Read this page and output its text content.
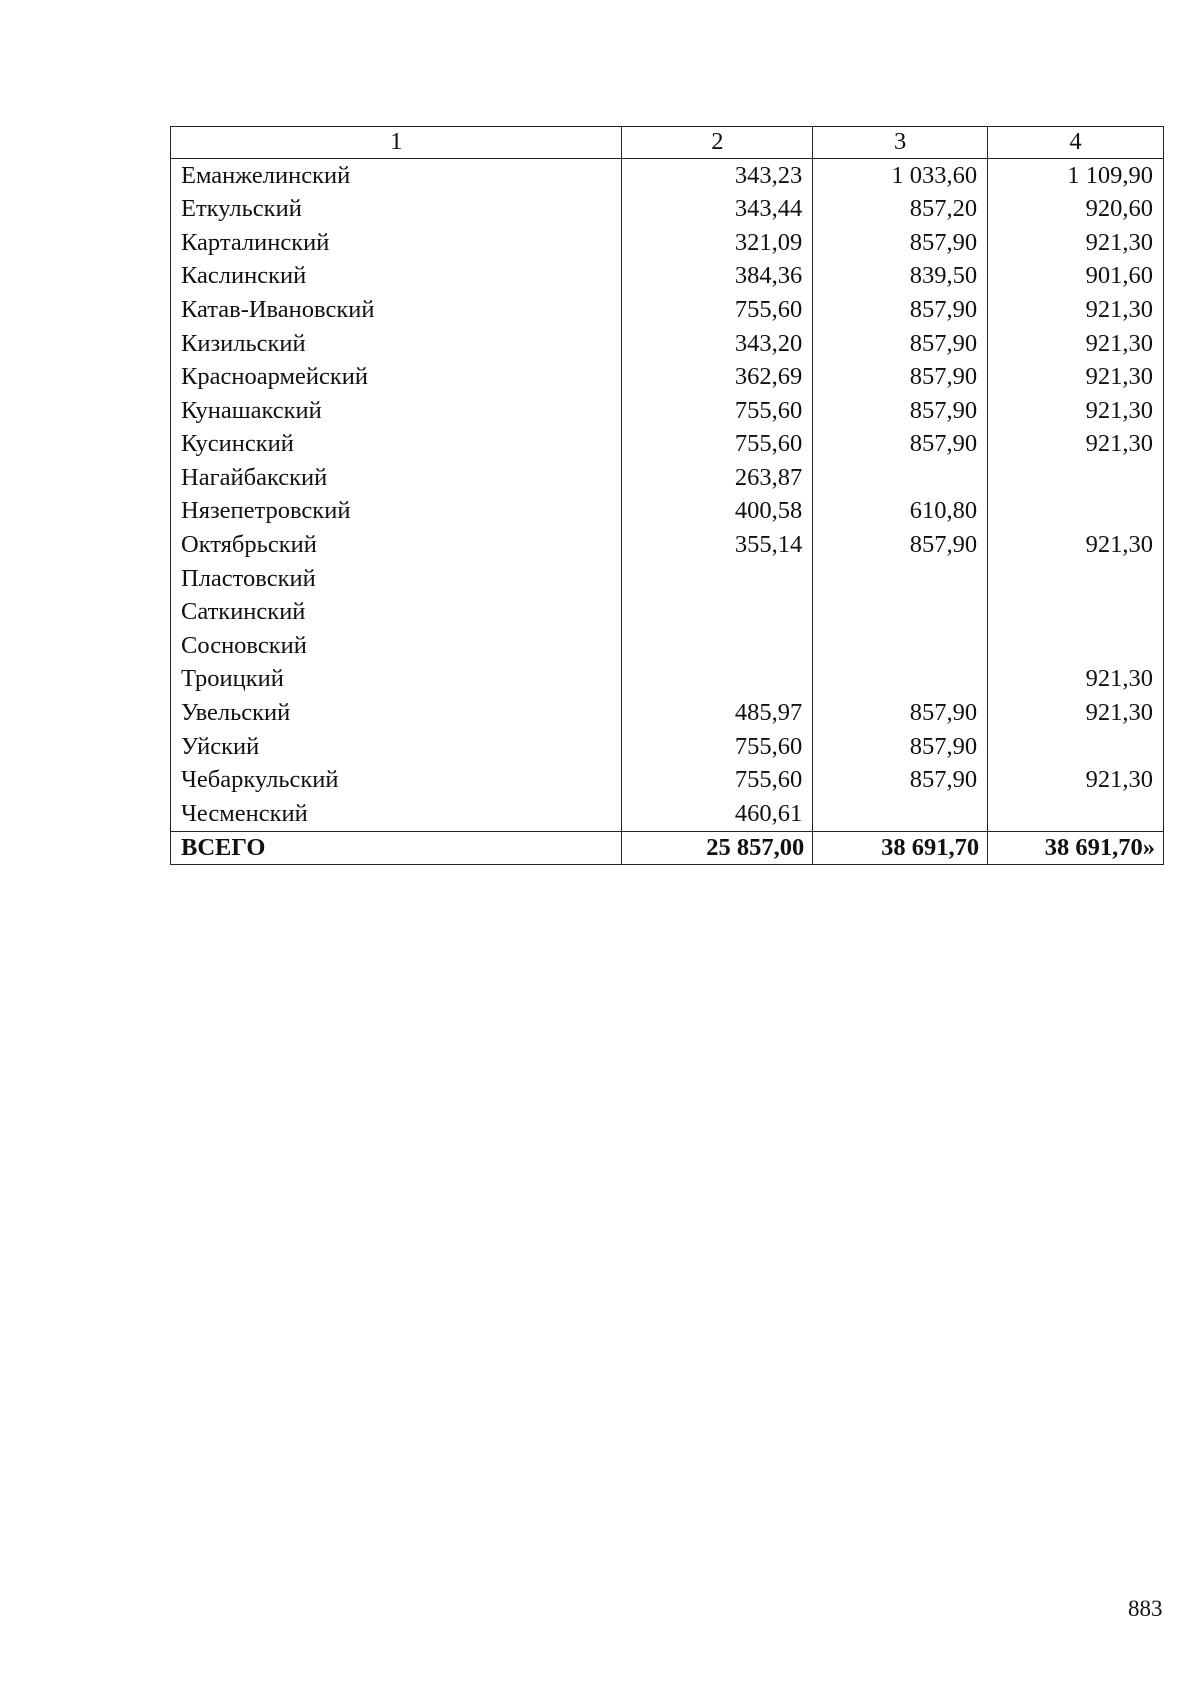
1	2	3	4
Еманжелинский	343,23	1 033,60	1 109,90
Еткульский	343,44	857,20	920,60
Карталинский	321,09	857,90	921,30
Каслинский	384,36	839,50	901,60
Катав-Ивановский	755,60	857,90	921,30
Кизильский	343,20	857,90	921,30
Красноармейский	362,69	857,90	921,30
Кунашакский	755,60	857,90	921,30
Кусинский	755,60	857,90	921,30
Нагайбакский	263,87		
Нязепетровский	400,58	610,80	
Октябрьский	355,14	857,90	921,30
Пластовский			
Саткинский			
Сосновский			
Троицкий			921,30
Увельский	485,97	857,90	921,30
Уйский	755,60	857,90	
Чебаркульский	755,60	857,90	921,30
Чесменский	460,61		
ВСЕГО	25 857,00	38 691,70	38 691,70»
883
